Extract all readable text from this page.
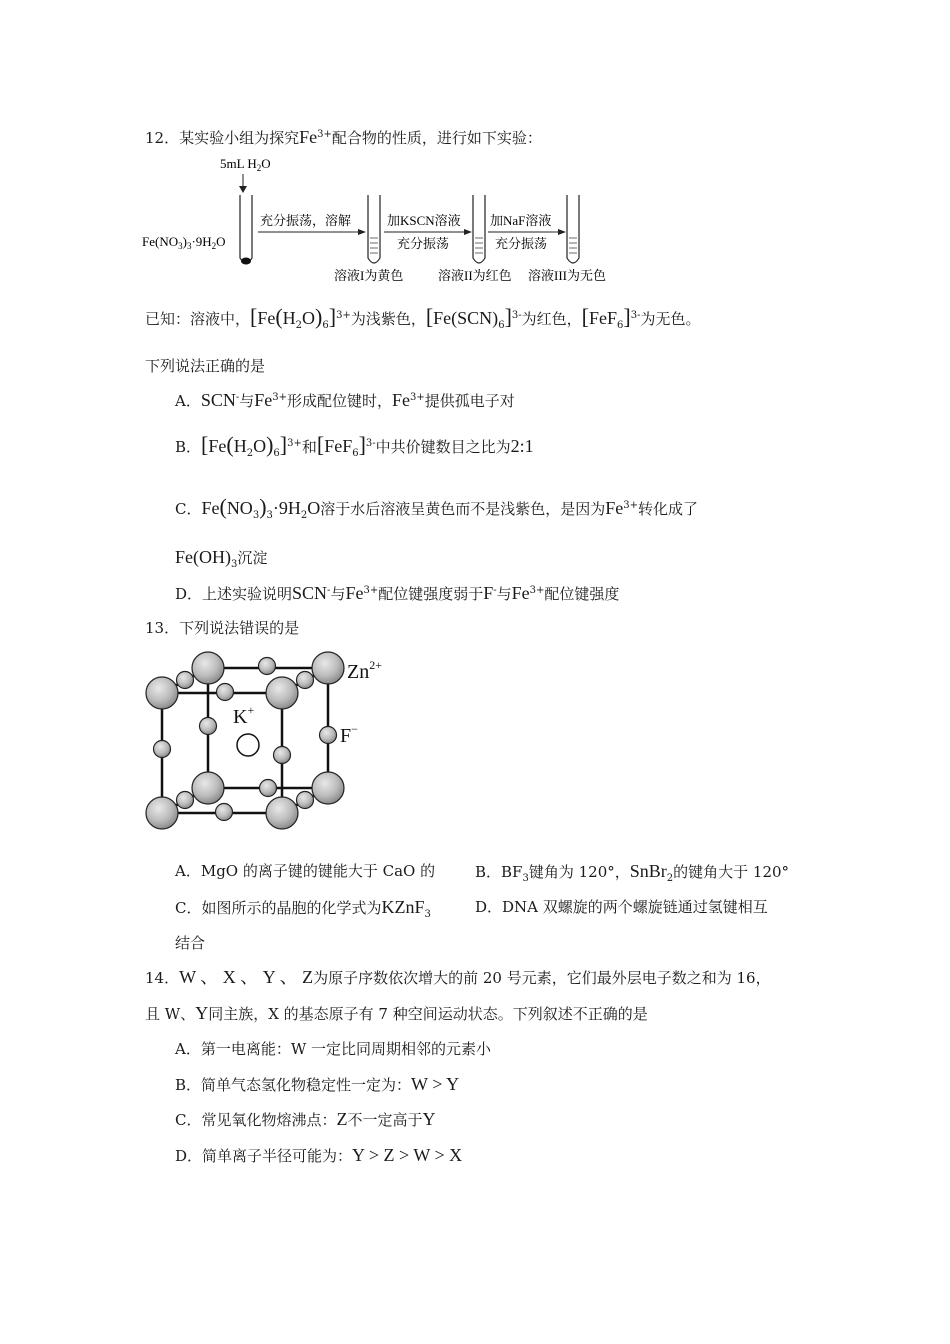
12．某实验小组为探究$Fe^{3+}$配合物的性质，进行如下实验：
5mL $H_2O$
$Fe(NO_3)_3\cdot 9H_2O$
充分振荡，溶解	加KSCN溶液
充分振荡
加NaF溶液
充分振荡
溶液I为黄色	溶液II为红色 溶液III为无色
已知：溶液中，$[Fe(H_2O)_6]^{3+}$为浅紫色，$[Fe(SCN)_6]^{3-}$为红色，$[FeF_6]^{3-}$为无色。
下列说法正确的是
A．SCN-与$Fe^{3+}$形成配位键时，$Fe^{3+}$提供孤电子对
B．$[Fe(H_2O)_6]^{3+}$和$[FeF_6]^{3-}$中共价键数目之比为2:1
C．$Fe(NO_3)_3\cdot 9H_2O$溶于水后溶液呈黄色而不是浅紫色，是因为$Fe^{3+}$转化成了
$Fe(OH)_3$沉淀
D．上述实验说明SCN-与$Fe^{3+}$配位键强度弱于F-与$Fe^{3+}$配位键强度
13．下列说法错误的是
K+
$Zn^{2+}$
F−
A．MgO 的离子键的键能大于 CaO 的	B．$BF_3$键角为 120°，SnBr$_2$的键角大于 120°
C．如图所示的晶胞的化学式为KZnF$_3$	D．DNA 双螺旋的两个螺旋链通过氢键相互
结合
14．W 、 X 、 Y 、 Z为原子序数依次增大的前 20 号元素，它们最外层电子数之和为 16，
且 W、Y同主族，X 的基态原子有 7 种空间运动状态。下列叙述不正确的是
A．第一电离能：W 一定比同周期相邻的元素小
B．简单气态氢化物稳定性一定为：W > Y
C．常见氧化物熔沸点：Z不一定高于Y
D．简单离子半径可能为：Y > Z > W > X
